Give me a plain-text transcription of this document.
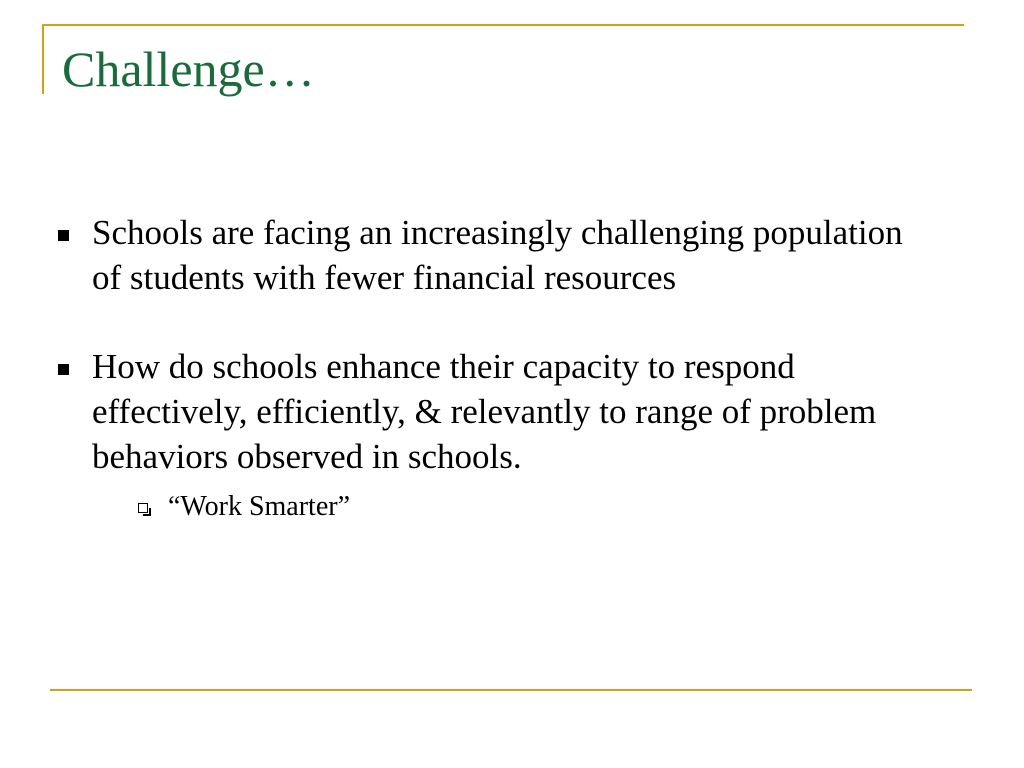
Challenge…
Schools are facing an increasingly challenging population of students with fewer financial resources
How do schools enhance their capacity to respond effectively, efficiently, & relevantly to range of problem behaviors observed in schools.
“Work Smarter”
